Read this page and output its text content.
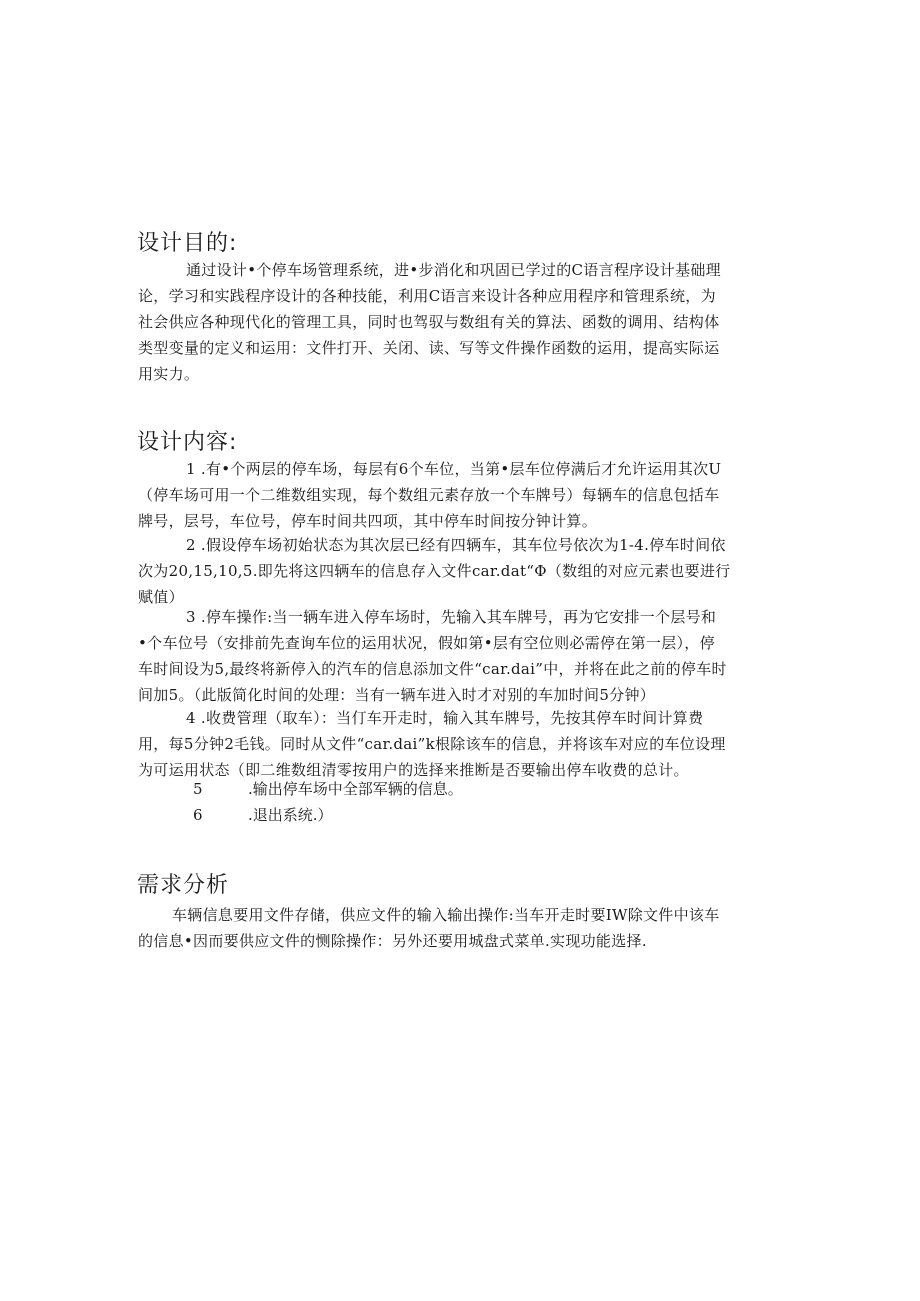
设计目的:
通过设计•个停车场管理系统，进•步消化和巩固已学过的C语言程序设计基础理
论，学习和实践程序设计的各种技能，利用C语言来设计各种应用程序和管理系统，为
社会供应各种现代化的管理工具，同时也驾驭与数组有关的算法、函数的调用、结构体
类型变量的定义和运用：文件打开、关闭、读、写等文件操作函数的运用，提高实际运
用实力。
设计内容:
1 .有•个两层的停车场，每层有6个车位，当第•层车位停满后才允许运用其次U
（停车场可用一个二维数组实现，每个数组元素存放一个车牌号）每辆车的信息包括车
牌号，层号，车位号，停车时间共四项，其中停车时间按分钟计算。
2 .假设停车场初始状态为其次层已经有四辆车，其车位号依次为1-4.停车时间依
次为20,15,10,5.即先将这四辆车的信息存入文件car.dat“Φ（数组的对应元素也要进行
赋值）
3 .停车操作:当一辆车进入停车场时，先输入其车牌号，再为它安排一个层号和
•个车位号（安排前先查询车位的运用状况，假如第•层有空位则必需停在第一层），停
车时间设为5,最终将新停入的汽车的信息添加文件“car.dai”中，并将在此之前的停车时
间加5。（此版简化时间的处理：当有一辆车进入时才对别的车加时间5分钟）
4 .收费管理（取车）：当仃车开走时，输入其车牌号，先按其停车时间计算费
用，每5分钟2毛钱。同时从文件“car.dai”k根除该车的信息，并将该车对应的车位设理
为可运用状态（即二维数组清零按用户的选择来推断是否要输出停车收费的总计。
5	.输出停车场中全部军辆的信息。
6	.退出系统.）
需求分析
车辆信息要用文件存储，供应文件的输入输出操作:当车开走时要IW除文件中该车
的信息•因而要供应文件的恻除操作：另外还要用城盘式菜单.实现功能选择.
